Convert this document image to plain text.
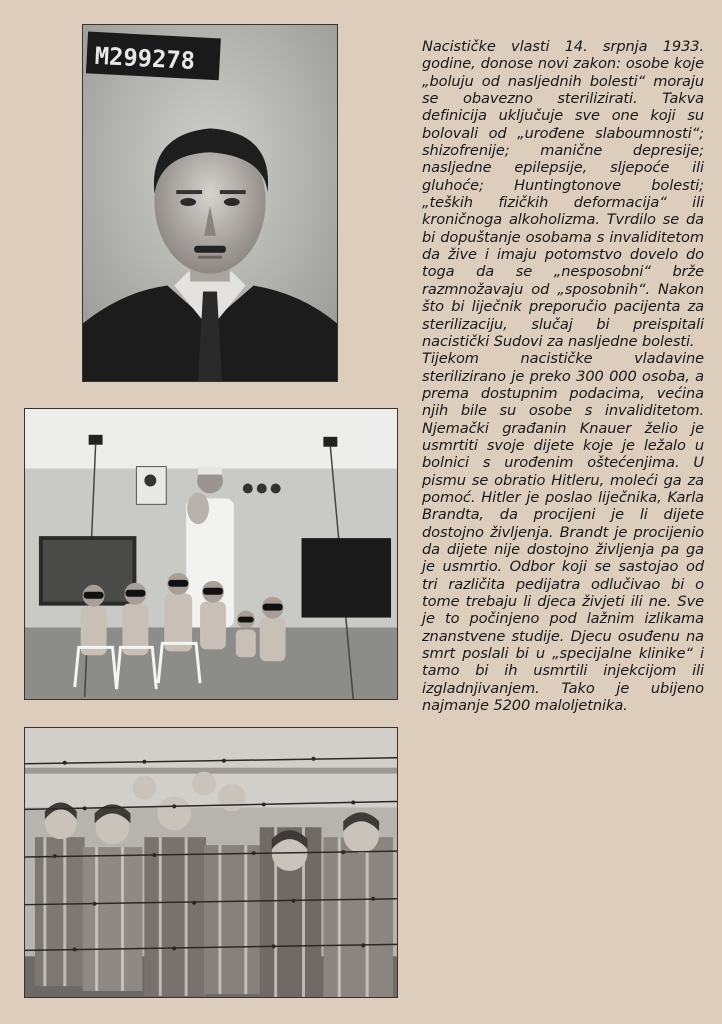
M299278	Nacističke vlasti 14. srpnja 1933. godine, donose novi zakon: osobe koje „boluju od nasljednih bolesti“ moraju se obavezno sterilizirati. Takva definicija uključuje sve one koji su bolovali od „urođene slaboumnosti“; shizofrenije; manične depresije; nasljedne epilepsije, sljepoće ili gluhoće; Huntingtonove bolesti; „teških fizičkih deformacija“ ili kroničnoga alkoholizma. Tvrdilo se da bi dopuštanje osobama s invaliditetom da žive i imaju potomstvo dovelo do toga da se „nesposobni“ brže razmnožavaju od „sposobnih“. Nakon što bi liječnik preporučio pacijenta za sterilizaciju, slučaj bi preispitali nacistički Sudovi za nasljedne bolesti.

Tijekom nacističke vladavine sterilizirano je preko 300 000 osoba, a prema dostupnim podacima, većina njih bile su osobe s invaliditetom. Njemački građanin Knauer želio je usmrtiti svoje dijete koje je ležalo u bolnici s urođenim oštećenjima. U pismu se obratio Hitleru, moleći ga za pomoć. Hitler je poslao liječnika, Karla Brandta, da procijeni je li dijete dostojno življenja. Brandt je procijenio da dijete nije dostojno življenja pa ga je usmrtio. Odbor koji se sastojao od tri različita pedijatra odlučivao bi o tome trebaju li djeca živjeti ili ne. Sve je to počinjeno pod lažnim izlikama znanstvene studije. Djecu osuđenu na smrt poslali bi u „specijalne klinike“ i tamo bi ih usmrtili injekcijom ili izgladnjivanjem. Tako je ubijeno najmanje 5200 maloljetnika.
